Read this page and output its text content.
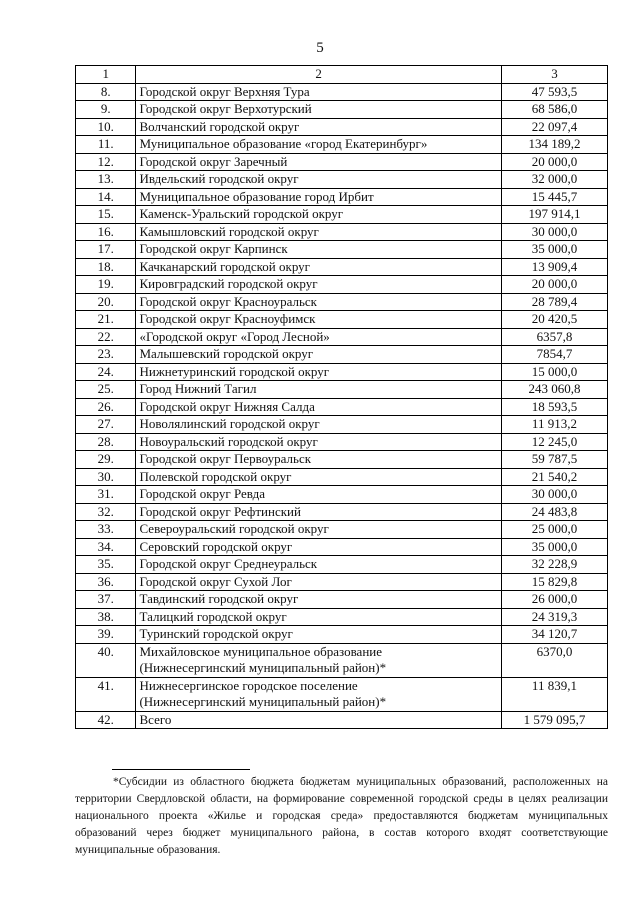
5
1	2	3
8.	Городской округ Верхняя Тура	47 593,5
9.	Городской округ Верхотурский	68 586,0
10.	Волчанский городской округ	22 097,4
11.	Муниципальное образование «город Екатеринбург»	134 189,2
12.	Городской округ Заречный	20 000,0
13.	Ивдельский городской округ	32 000,0
14.	Муниципальное образование город Ирбит	15 445,7
15.	Каменск-Уральский городской округ	197 914,1
16.	Камышловский городской округ	30 000,0
17.	Городской округ Карпинск	35 000,0
18.	Качканарский городской округ	13 909,4
19.	Кировградский городской округ	20 000,0
20.	Городской округ Красноуральск	28 789,4
21.	Городской округ Красноуфимск	20 420,5
22.	«Городской округ «Город Лесной»	6357,8
23.	Малышевский городской округ	7854,7
24.	Нижнетуринский городской округ	15 000,0
25.	Город Нижний Тагил	243 060,8
26.	Городской округ Нижняя Салда	18 593,5
27.	Новолялинский городской округ	11 913,2
28.	Новоуральский городской округ	12 245,0
29.	Городской округ Первоуральск	59 787,5
30.	Полевской городской округ	21 540,2
31.	Городской округ Ревда	30 000,0
32.	Городской округ Рефтинский	24 483,8
33.	Североуральский городской округ	25 000,0
34.	Серовский городской округ	35 000,0
35.	Городской округ Среднеуральск	32 228,9
36.	Городской округ Сухой Лог	15 829,8
37.	Тавдинский городской округ	26 000,0
38.	Талицкий городской округ	24 319,3
39.	Туринский городской округ	34 120,7
40.	Михайловское муниципальное образование
(Нижнесергинский муниципальный район)*	6370,0
41.	Нижнесергинское городское поселение
(Нижнесергинский муниципальный район)*	11 839,1
42.	Всего	1 579 095,7
*Субсидии из областного бюджета бюджетам муниципальных образований, расположенных на территории Свердловской области, на формирование современной городской среды в целях реализации национального проекта «Жилье и городская среда» предоставляются бюджетам муниципальных образований через бюджет муниципального района, в состав которого входят соответствующие муниципальные образования.
